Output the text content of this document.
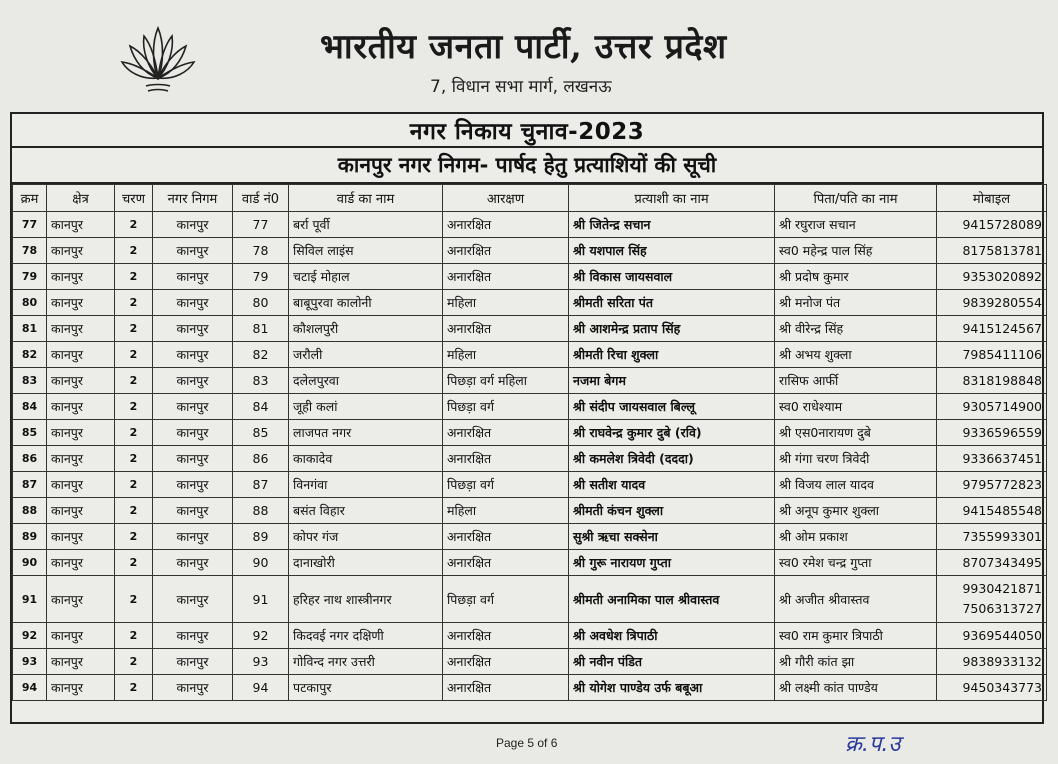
भारतीय जनता पार्टी, उत्तर प्रदेश
7, विधान सभा मार्ग, लखनऊ
नगर निकाय चुनाव-2023
कानपुर नगर निगम- पार्षद हेतु प्रत्याशियों की सूची
क्रम	क्षेत्र	चरण	नगर निगम	वार्ड नं0	वार्ड का नाम	आरक्षण	प्रत्याशी का नाम	पिता/पति का नाम	मोबाइल
77	कानपुर	2	कानपुर	77	बर्रा पूर्वी	अनारक्षित	श्री जितेन्द्र सचान	श्री रघुराज सचान	9415728089
78	कानपुर	2	कानपुर	78	सिविल लाइंस	अनारक्षित	श्री यशपाल सिंह	स्व0 महेन्द्र पाल सिंह	8175813781
79	कानपुर	2	कानपुर	79	चटाई मोहाल	अनारक्षित	श्री विकास जायसवाल	श्री प्रदोष कुमार	9353020892
80	कानपुर	2	कानपुर	80	बाबूपुरवा कालोनी	महिला	श्रीमती सरिता पंत	श्री मनोज पंत	9839280554
81	कानपुर	2	कानपुर	81	कौशलपुरी	अनारक्षित	श्री आशमेन्द्र प्रताप सिंह	श्री वीरेन्द्र सिंह	9415124567
82	कानपुर	2	कानपुर	82	जरौली	महिला	श्रीमती रिचा शुक्ला	श्री अभय शुक्ला	7985411106
83	कानपुर	2	कानपुर	83	दलेलपुरवा	पिछड़ा वर्ग महिला	नजमा बेगम	रासिफ आर्फी	8318198848
84	कानपुर	2	कानपुर	84	जूही कलां	पिछड़ा वर्ग	श्री संदीप जायसवाल बिल्लू	स्व0 राधेश्याम	9305714900
85	कानपुर	2	कानपुर	85	लाजपत नगर	अनारक्षित	श्री राघवेन्द्र कुमार दुबे (रवि)	श्री एस0नारायण दुबे	9336596559
86	कानपुर	2	कानपुर	86	काकादेव	अनारक्षित	श्री कमलेश त्रिवेदी (दददा)	श्री गंगा चरण त्रिवेदी	9336637451
87	कानपुर	2	कानपुर	87	विनगंवा	पिछड़ा वर्ग	श्री सतीश यादव	श्री विजय लाल यादव	9795772823
88	कानपुर	2	कानपुर	88	बसंत विहार	महिला	श्रीमती कंचन शुक्ला	श्री अनूप कुमार शुक्ला	9415485548
89	कानपुर	2	कानपुर	89	कोपर गंज	अनारक्षित	सुश्री ऋचा सक्सेना	श्री ओम प्रकाश	7355993301
90	कानपुर	2	कानपुर	90	दानाखोरी	अनारक्षित	श्री गुरू नारायण गुप्ता	स्व0 रमेश चन्द्र गुप्ता	8707343495
91	कानपुर	2	कानपुर	91	हरिहर नाथ शास्त्रीनगर	पिछड़ा वर्ग	श्रीमती अनामिका पाल श्रीवास्तव	श्री अजीत श्रीवास्तव	9930421871
7506313727

92	कानपुर	2	कानपुर	92	किदवई नगर दक्षिणी	अनारक्षित	श्री अवधेश त्रिपाठी	स्व0 राम कुमार त्रिपाठी	9369544050
93	कानपुर	2	कानपुर	93	गोविन्द नगर उत्तरी	अनारक्षित	श्री नवीन पंडित	श्री गौरी कांत झा	9838933132
94	कानपुर	2	कानपुर	94	पटकापुर	अनारक्षित	श्री योगेश पाण्डेय उर्फ बबूआ	श्री लक्ष्मी कांत पाण्डेय	9450343773
Page 5 of 6	क्र.प.उ
